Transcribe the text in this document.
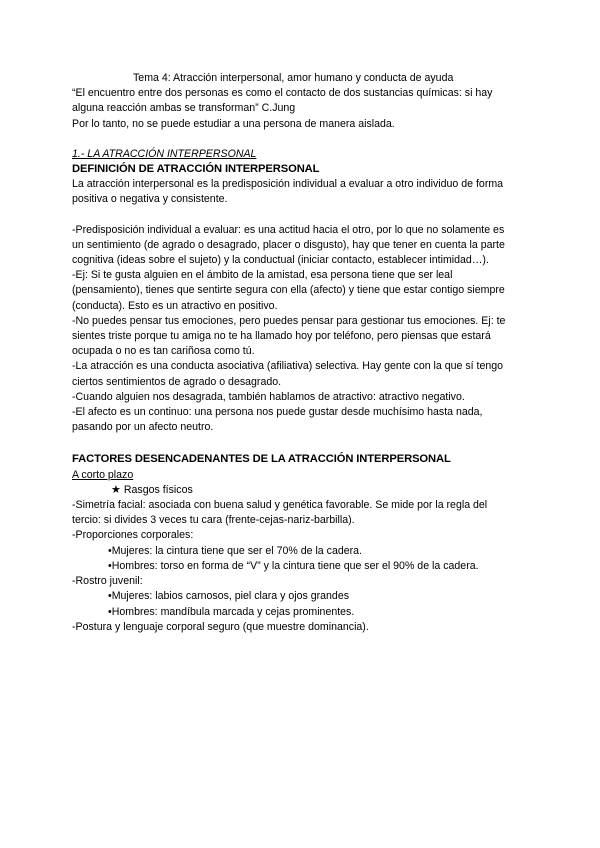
Tema 4: Atracción interpersonal, amor humano y conducta de ayuda
“El encuentro entre dos personas es como el contacto de dos sustancias químicas: si hay
alguna reacción ambas se transforman” C.Jung
Por lo tanto, no se puede estudiar a una persona de manera aislada.
1.- LA ATRACCIÓN INTERPERSONAL
DEFINICIÓN DE ATRACCIÓN INTERPERSONAL
La atracción interpersonal es la predisposición individual a evaluar a otro individuo de forma
positiva o negativa y consistente.
-Predisposición individual a evaluar: es una actitud hacia el otro, por lo que no solamente es
un sentimiento (de agrado o desagrado, placer o disgusto), hay que tener en cuenta la parte
cognitiva (ideas sobre el sujeto) y la conductual (iniciar contacto, establecer intimidad…).
-Ej: Si te gusta alguien en el ámbito de la amistad, esa persona tiene que ser leal
(pensamiento), tienes que sentirte segura con ella (afecto) y tiene que estar contigo siempre
(conducta). Esto es un atractivo en positivo.
-No puedes pensar tus emociones, pero puedes pensar para gestionar tus emociones. Ej: te
sientes triste porque tu amiga no te ha llamado hoy por teléfono, pero piensas que estará
ocupada o no es tan cariñosa como tú.
-La atracción es una conducta asociativa (afiliativa) selectiva. Hay gente con la que sí tengo
ciertos sentimientos de agrado o desagrado.
-Cuando alguien nos desagrada, también hablamos de atractivo: atractivo negativo.
-El afecto es un continuo: una persona nos puede gustar desde muchísimo hasta nada,
pasando por un afecto neutro.
FACTORES DESENCADENANTES DE LA ATRACCIÓN INTERPERSONAL
A corto plazo
★ Rasgos físicos
-Simetría facial: asociada con buena salud y genética favorable. Se mide por la regla del
tercio: si divides 3 veces tu cara (frente-cejas-nariz-barbilla).
-Proporciones corporales:
•Mujeres: la cintura tiene que ser el 70% de la cadera.
•Hombres: torso en forma de “V” y la cintura tiene que ser el 90% de la cadera.
-Rostro juvenil:
•Mujeres: labios carnosos, piel clara y ojos grandes
•Hombres: mandíbula marcada y cejas prominentes.
-Postura y lenguaje corporal seguro (que muestre dominancia).
